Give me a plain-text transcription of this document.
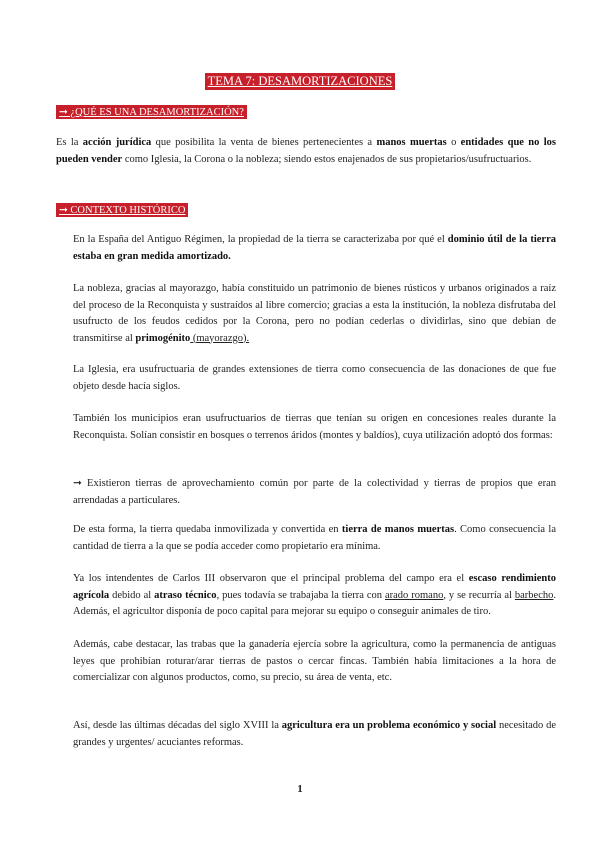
TEMA 7: DESAMORTIZACIONES
➞ ¿QUÉ ES UNA DESAMORTIZACIÓN?

Es la acción jurídica que posibilita la venta de bienes pertenecientes a manos muertas o entidades que no los pueden vender como Iglesia, la Corona o la nobleza; siendo estos enajenados de sus propietarios/usufructuarios.

➞ CONTEXTO HISTÓRICO

En la España del Antiguo Régimen, la propiedad de la tierra se caracterizaba por qué el dominio útil de la tierra estaba en gran medida amortizado.

La nobleza, gracias al mayorazgo, había constituido un patrimonio de bienes rústicos y urbanos originados a raíz del proceso de la Reconquista y sustraídos al libre comercio; gracias a esta la institución, la nobleza disfrutaba del usufructo de los feudos cedidos por la Corona, pero no podían cederlas o dividirlas, sino que debían de transmitirse al primogénito (mayorazgo).

La Iglesia, era usufructuaria de grandes extensiones de tierra como consecuencia de las donaciones de que fue objeto desde hacía siglos.

También los municipios eran usufructuarios de tierras que tenían su origen en concesiones reales durante la Reconquista. Solían consistir en bosques o terrenos áridos (montes y baldíos), cuya utilización adoptó dos formas:

➞ Existieron tierras de aprovechamiento común por parte de la colectividad y tierras de propios que eran arrendadas a particulares.

De esta forma, la tierra quedaba inmovilizada y convertida en tierra de manos muertas. Como consecuencia la cantidad de tierra a la que se podía acceder como propietario era mínima.

Ya los intendentes de Carlos III observaron que el principal problema del campo era el escaso rendimiento agrícola debido al atraso técnico, pues todavía se trabajaba la tierra con arado romano, y se recurría al barbecho. Además, el agricultor disponía de poco capital para mejorar su equipo o conseguir animales de tiro.

Además, cabe destacar, las trabas que la ganadería ejercía sobre la agricultura, como la permanencia de antiguas leyes que prohibían roturar/arar tierras de pastos o cercar fincas. También había limitaciones a la hora de comercializar con algunos productos, como, su precio, su área de venta, etc.

Así, desde las últimas décadas del siglo XVIII la agricultura era un problema económico y social necesitado de grandes y urgentes/ acuciantes reformas.

1
